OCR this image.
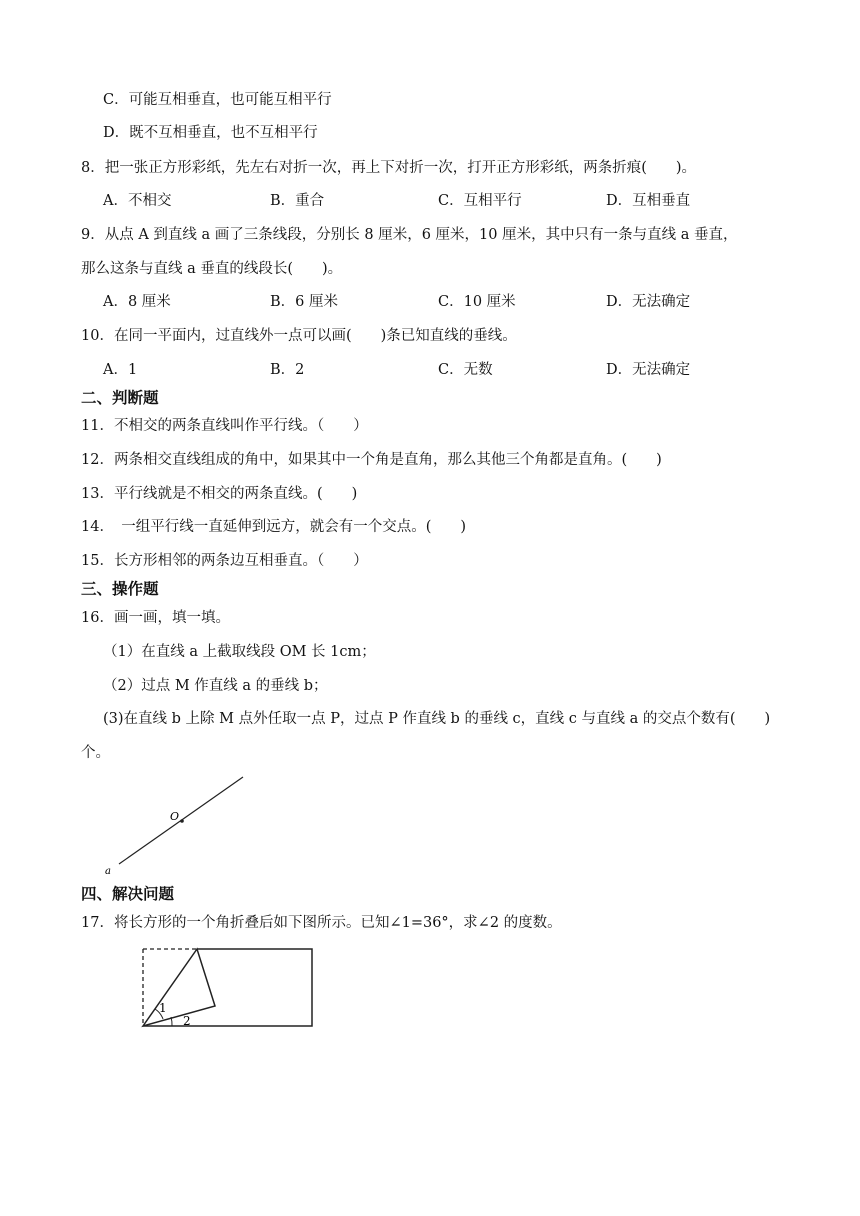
C．可能互相垂直，也可能互相平行
D．既不互相垂直，也不互相平行
8．把一张正方形彩纸，先左右对折一次，再上下对折一次，打开正方形彩纸，两条折痕(　　)。
A．不相交	B．重合	C．互相平行	D．互相垂直
9．从点 A 到直线 a 画了三条线段，分别长 8 厘米，6 厘米，10 厘米，其中只有一条与直线 a 垂直，
那么这条与直线 a 垂直的线段长(　　)。
A．8 厘米	B．6 厘米	C．10 厘米	D．无法确定
10．在同一平面内，过直线外一点可以画(　　)条已知直线的垂线。
A．1	B．2	C．无数	D．无法确定
二、判断题
11．不相交的两条直线叫作平行线。（　　）
12．两条相交直线组成的角中，如果其中一个角是直角，那么其他三个角都是直角。(　　)
13．平行线就是不相交的两条直线。(　　)
14．　一组平行线一直延伸到远方，就会有一个交点。(　　)
15．长方形相邻的两条边互相垂直。（　　）
三、操作题
16．画一画，填一填。
（1）在直线 a 上截取线段 OM 长 1cm；
（2）过点 M 作直线 a 的垂线 b；
(3)在直线 b 上除 M 点外任取一点 P，过点 P 作直线 b 的垂线 c，直线 c 与直线 a 的交点个数有(　　)
个。
O
a
四、解决问题
17．将长方形的一个角折叠后如下图所示。已知∠1=36°，求∠2 的度数。
1
2
